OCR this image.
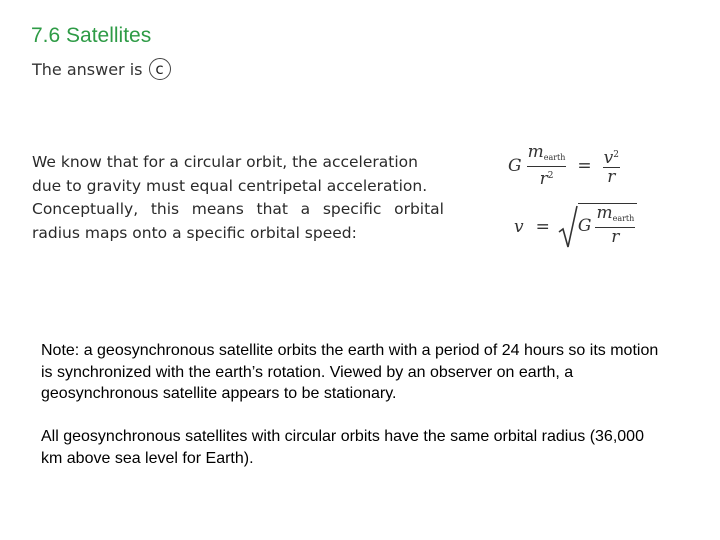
7.6 Satellites
The answer is c

We know that for a circular orbit, the acceleration
due to gravity must equal centripetal acceleration.
Conceptually, this means that a specific orbital
radius maps onto a specific orbital speed:

G $\frac{m_{earth}}{r^2} = \frac{v^2}{r}$
v =	G $\frac{m_{earth}}{r}$

Note: a geosynchronous satellite orbits the earth with a period of 24 hours so its motion is synchronized with the earth’s rotation. Viewed by an observer on earth, a geosynchronous satellite appears to be stationary.

All geosynchronous satellites with circular orbits have the same orbital radius (36,000 km above sea level for Earth).
